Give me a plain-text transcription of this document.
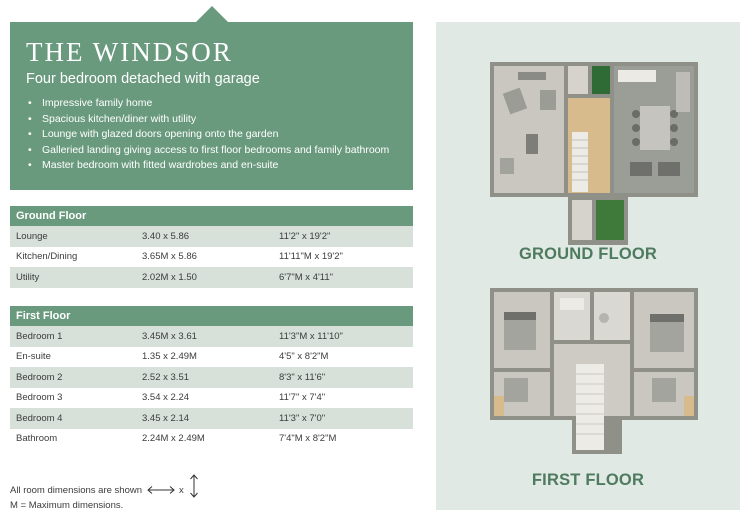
THE WINDSOR
Four bedroom detached with garage
• Impressive family home
• Spacious kitchen/diner with utility
• Lounge with glazed doors opening onto the garden
• Galleried landing giving access to first floor bedrooms and family bathroom
• Master bedroom with fitted wardrobes and en-suite
Ground Floor
Lounge	3.40 x 5.86	11'2" x 19'2"
Kitchen/Dining	3.65M x 5.86	11'11"M x 19'2"
Utility	2.02M x 1.50	6'7"M x 4'11"
First Floor
Bedroom 1	3.45M x 3.61	11'3"M x 11'10"
En-suite	1.35 x 2.49M	4'5" x 8'2"M
Bedroom 2	2.52 x 3.51	8'3" x 11'6"
Bedroom 3	3.54 x 2.24	11'7" x 7'4"
Bedroom 4	3.45 x 2.14	11'3" x 7'0"
Bathroom	2.24M x 2.49M	7'4"M x 8'2"M
All room dimensions are shown	x
M = Maximum dimensions.
GROUND FLOOR
FIRST FLOOR
